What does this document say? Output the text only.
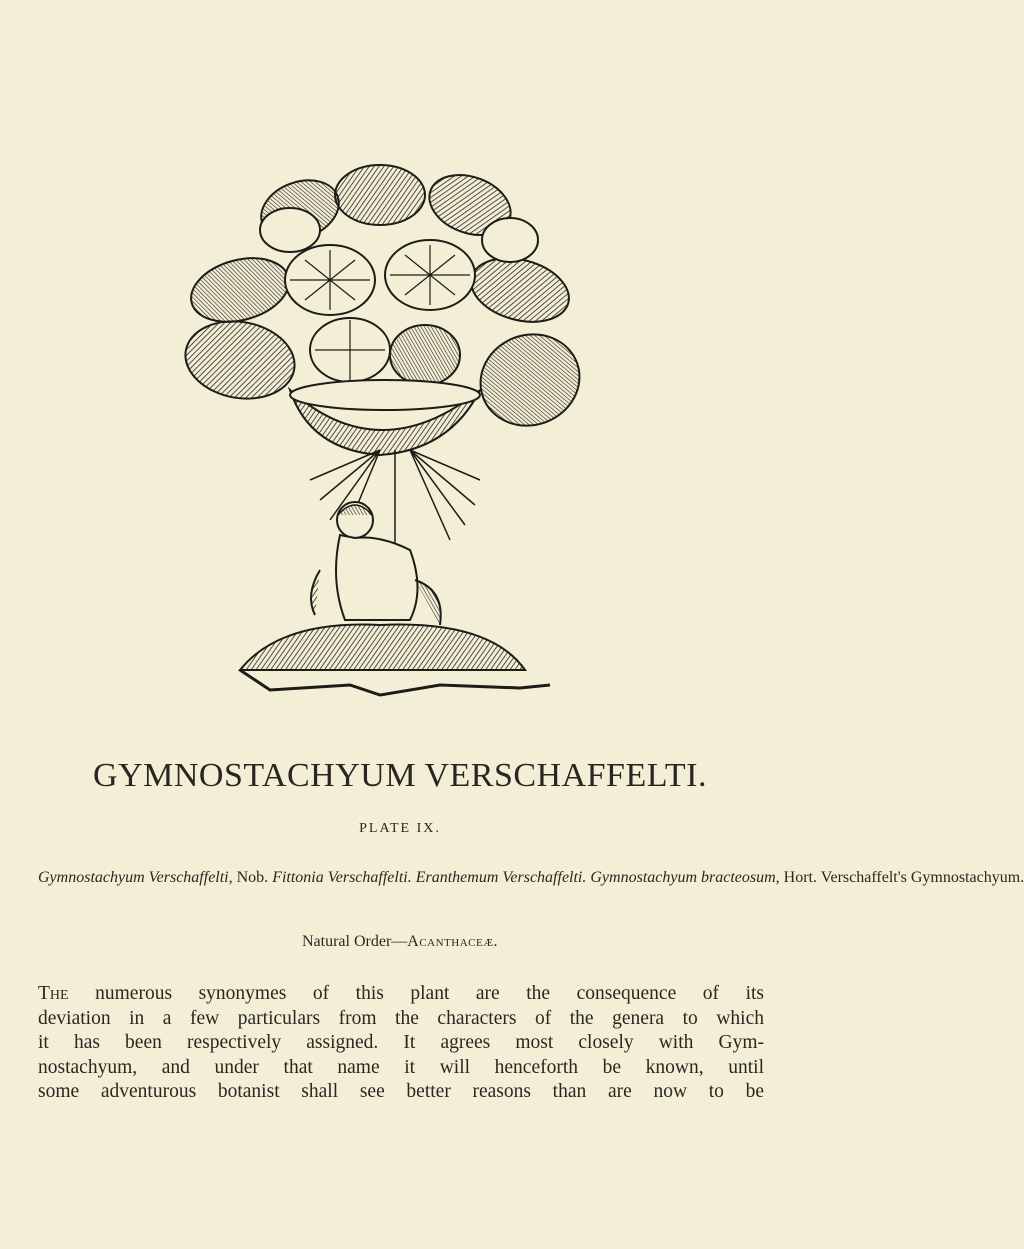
GYMNOSTACHYUM VERSCHAFFELTI.
PLATE IX.
Gymnostachyum Verschaffelti, Nob. Fittonia Verschaffelti. Eranthemum Verschaffelti. Gymnostachyum bracteosum, Hort. Verschaffelt's Gymnostachyum.
Natural Order—Acanthaceæ.
The numerous synonymes of this plant are the consequence of its
deviation in a few particulars from the characters of the genera to which
it has been respectively assigned. It agrees most closely with Gym-
nostachyum, and under that name it will henceforth be known, until
some adventurous botanist shall see better reasons than are now to be
